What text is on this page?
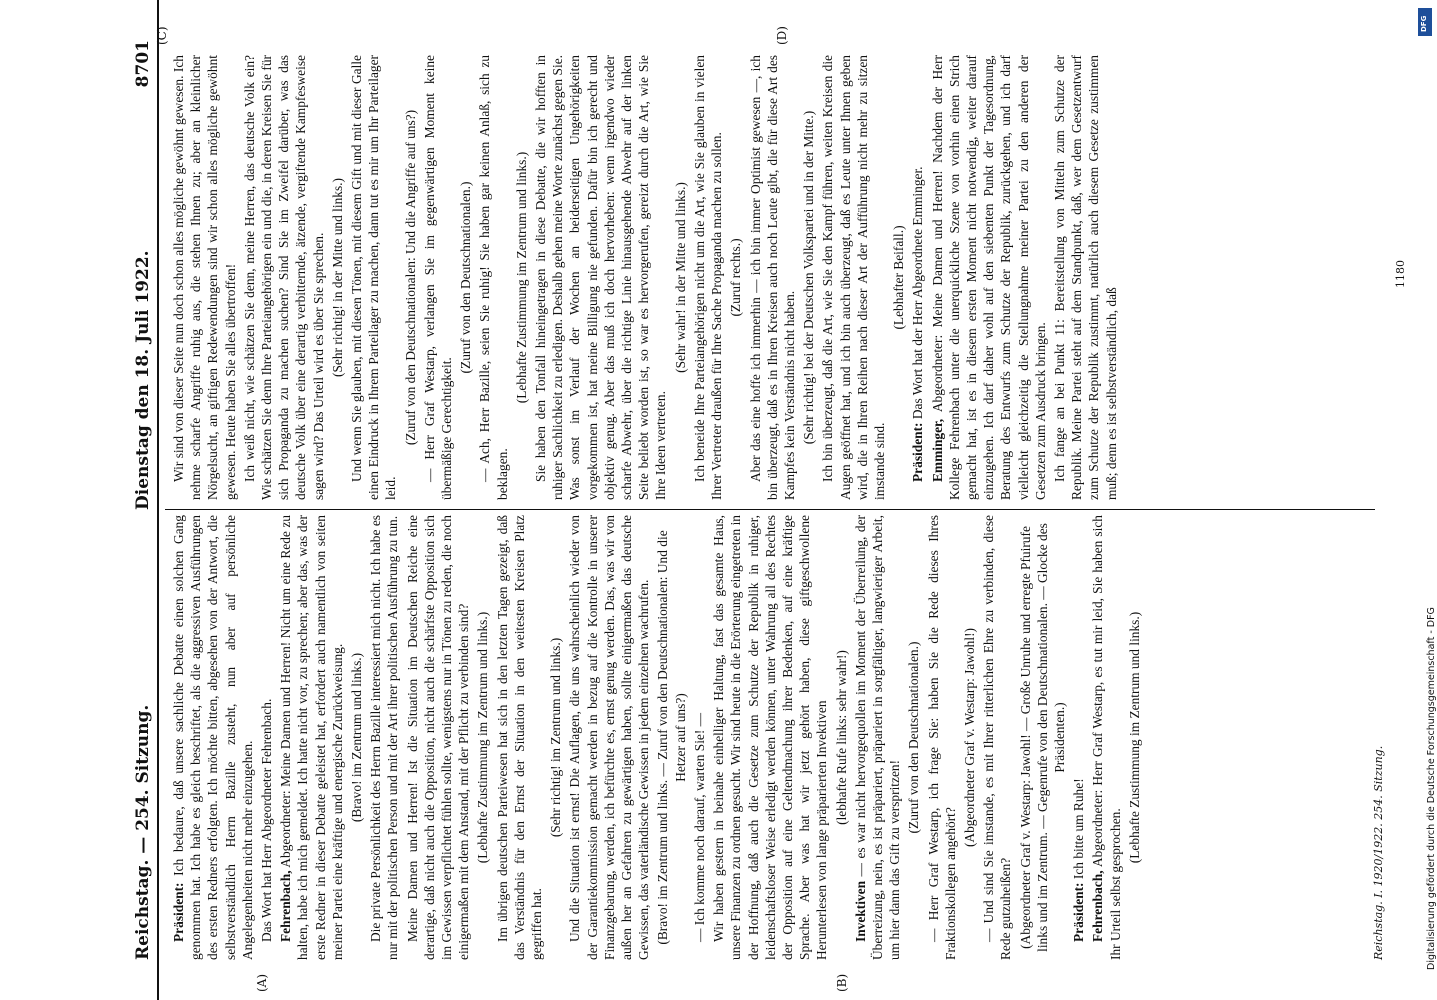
Reichstag. — 254. Sitzung.
Dienstag den 18. Juli 1922.
8701
(A)	(B)
(C)	(D)

Präsident: Ich bedaure, daß unsere sachliche Debatte einen solchen Gang genommen hat. Ich habe es gleich beschriftet, als die aggressiven Ausführungen des ersten Redners erfolgten. Ich möchte bitten, abgesehen von der Antwort, die selbstverständlich Herrn Bazille zusteht, nun aber auf persönliche Angelegenheiten nicht mehr einzugehen. Das Wort hat Herr Abgeordneter Fehrenbach. Fehrenbach, Abgeordneter: Meine Damen und Herren! Nicht um eine Rede zu halten, habe ich mich gemeldet. Ich hatte nicht vor, zu sprechen; aber das, was der erste Redner in dieser Debatte geleistet hat, erfordert auch namentlich von seiten meiner Partei eine kräftige und energische Zurückweisung. (Bravo! im Zentrum und links.) Die private Persönlichkeit des Herrn Bazille interessiert mich nicht. Ich habe es nur mit der politischen Person und mit der Art ihrer politischen Ausführung zu tun. Meine Damen und Herren! Ist die Situation im Deutschen Reiche eine derartige, daß nicht auch die Opposition, nicht auch die schärfste Opposition sich im Gewissen verpflichtet fühlen sollte, wenigstens nur in Tönen zu reden, die noch einigermaßen mit dem Anstand, mit der Pflicht zu verbinden sind? (Lebhafte Zustimmung im Zentrum und links.) Im übrigen deutschen Parteiwesen hat sich in den letzten Tagen gezeigt, daß das Verständnis für den Ernst der Situation in den weitesten Kreisen Platz gegriffen hat.

(Sehr richtig! im Zentrum und links.) Und die Situation ist ernst! Die Auflagen, die uns wahrscheinlich wieder von der Garantiekommission gemacht werden in bezug auf die Kontrolle in unserer Finanzgebarung, werden, ich befürchte es, ernst genug werden. Das, was wir von außen her an Gefahren zu gewärtigen haben, sollte einigermaßen das deutsche Gewissen, das vaterländische Gewissen in jedem einzelnen wachrufen. (Bravo! im Zentrum und links. — Zuruf von den Deutschnationalen: Und die Hetzer auf uns?) — Ich komme noch darauf, warten Sie! — Wir haben gestern in beinahe einhelliger Haltung, fast das gesamte Haus, unsere Finanzen zu ordnen gesucht. Wir sind heute in die Erörterung eingetreten in der Hoffnung, daß auch die Gesetze zum Schutze der Republik in ruhiger, leidenschaftsloser Weise erledigt werden können, unter Wahrung all des Rechtes der Opposition auf eine Geltendmachung ihrer Bedenken, auf eine kräftige Sprache. Aber was hat wir jetzt gehört haben, diese giftgeschwollene Herunterlesen von lange präparierten Invektiven (lebhafte Rufe links: sehr wahr!)

Invektiven — es war nicht hervorgequollen im Moment der Überreilung, der Überreizung, nein, es ist präpariert, präpariert in sorgfältiger, langwieriger Arbeit, um hier dann das Gift zu verspritzen!

(Zuruf von den Deutschnationalen.) — Herr Graf Westarp, ich frage Sie: haben Sie die Rede dieses Ihres Fraktionskollegen angehört?

(Abgeordneter Graf v. Westarp: Jawohl!) — Und sind Sie imstande, es mit Ihrer ritterlichen Ehre zu verbinden, diese Rede gutzuheißen? (Abgeordneter Graf v. Westarp: Jawohl! — Große Unruhe und erregte Pfuirufe links und im Zentrum. — Gegenrufe von den Deutschnationalen. — Glocke des Präsidenten.)

Präsident: Ich bitte um Ruhe!

Fehrenbach, Abgeordneter: Herr Graf Westarp, es tut mir leid, Sie haben sich Ihr Urteil selbst gesprochen.

(Lebhafte Zustimmung im Zentrum und links.)

Wir sind von dieser Seite nun doch schon alles mögliche gewöhnt gewesen. Ich nehme scharfe Angriffe ruhig aus, die stehen Ihnen zu; aber an kleinlicher Nörgelsucht, an giftigen Redewendungen sind wir schon alles mögliche gewöhnt gewesen. Heute haben Sie alles übertroffen! Ich weiß nicht, wie schätzen Sie denn, meine Herren, das deutsche Volk ein? Wie schätzen Sie denn Ihre Parteiangehörigen ein und die, in deren Kreisen Sie für sich Propaganda zu machen suchen? Sind Sie im Zweifel darüber, was das deutsche Volk über eine derartig verbitternde, ätzende, vergiftende Kampfesweise sagen wird? Das Urteil wird es über Sie sprechen. (Sehr richtig! in der Mitte und links.) Und wenn Sie glauben, mit diesen Tönen, mit diesem Gift und mit dieser Galle einen Eindruck in Ihrem Parteilager zu machen, dann tut es mir um Ihr Parteilager leid.

(Zuruf von den Deutschnationalen: Und die Angriffe auf uns?) — Herr Graf Westarp, verlangen Sie im gegenwärtigen Moment keine übermäßige Gerechtigkeit.

(Zuruf von den Deutschnationalen.) — Ach, Herr Bazille, seien Sie ruhig! Sie haben gar keinen Anlaß, sich zu beklagen.

(Lebhafte Zustimmung im Zentrum und links.) Sie haben den Tonfall hineingetragen in diese Debatte, die wir hofften in ruhiger Sachlichkeit zu erledigen. Deshalb gehen meine Worte zunächst gegen Sie. Was sonst im Verlauf der Wochen an beiderseitigen Ungehörigkeiten vorgekommen ist, hat meine Billigung nie gefunden. Dafür bin ich gerecht und objektiv genug. Aber das muß ich doch hervorheben: wenn irgendwo wieder scharfe Abwehr, über die richtige Linie hinausgehende Abwehr auf der linken Seite beliebt worden ist, so war es hervorgerufen, gereizt durch die Art, wie Sie Ihre Ideen vertreten.

(Sehr wahr! in der Mitte und links.) Ich beneide Ihre Parteiangehörigen nicht um die Art, wie Sie glauben in vielen Ihrer Vertreter draußen für Ihre Sache Propaganda machen zu sollen. (Zuruf rechts.) Aber das eine hoffe ich immerhin — ich bin immer Optimist gewesen —, ich bin überzeugt, daß es in Ihren Kreisen auch noch Leute gibt, die für diese Art des Kampfes kein Verständnis nicht haben. (Sehr richtig! bei der Deutschen Volkspartei und in der Mitte.) Ich bin überzeugt, daß die Art, wie Sie den Kampf führen, weiten Kreisen die Augen geöffnet hat, und ich bin auch überzeugt, daß es Leute unter Ihnen geben wird, die in Ihren Reihen nach dieser Art der Aufführung nicht mehr zu sitzen imstande sind.

(Lebhafter Beifall.)

Präsident: Das Wort hat der Herr Abgeordnete Emminger.

Emminger, Abgeordneter: Meine Damen und Herren! Nachdem der Herr Kollege Fehrenbach unter die unerquickliche Szene von vorhin einen Strich gemacht hat, ist es in diesem ersten Moment nicht notwendig, weiter darauf einzugehen. Ich darf daher wohl auf den siebenten Punkt der Tagesordnung, Beratung des Entwurfs zum Schutze der Republik, zurückgehen, und ich darf vielleicht gleichzeitig die Stellungnahme meiner Partei zu den anderen der Gesetzen zum Ausdruck bringen. Ich fange an bei Punkt 11: Bereitstellung von Mitteln zum Schutze der Republik. Meine Partei steht auf dem Standpunkt, daß, wer dem Gesetzentwurf zum Schutze der Republik zustimmt, natürlich auch diesem Gesetze zustimmen muß; denn es ist selbstverständlich, daß

Reichstag. I. 1920/1922. 254. Sitzung.
1180
Digitalisierung gefördert durch die Deutsche Forschungsgemeinschaft - DFG
DFG
